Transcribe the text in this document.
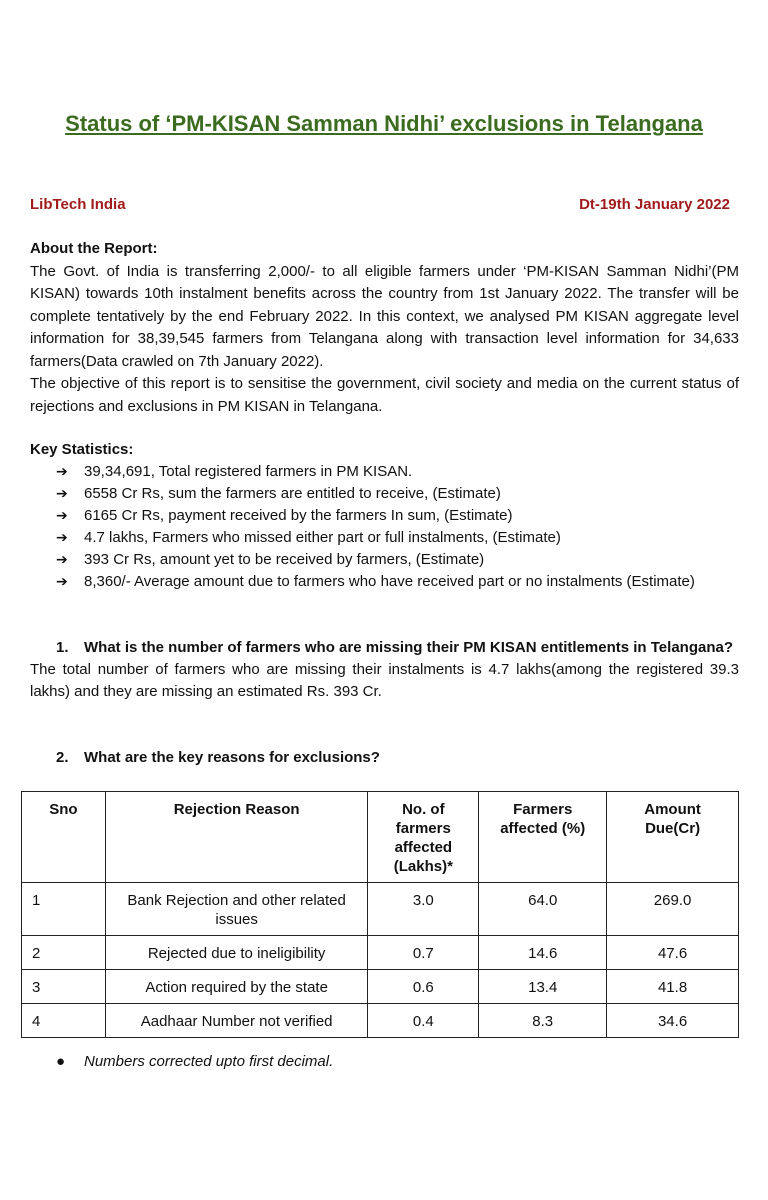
Status of ‘PM-KISAN Samman Nidhi’ exclusions in Telangana
LibTech India	Dt-19th January 2022
About the Report:

The Govt. of India is transferring 2,000/- to all eligible farmers under ‘PM-KISAN Samman Nidhi’(PM KISAN) towards 10th instalment benefits across the country from 1st January 2022. The transfer will be complete tentatively by the end February 2022. In this context, we analysed PM KISAN aggregate level information for 38,39,545 farmers from Telangana along with transaction level information for 34,633 farmers(Data crawled on 7th January 2022).

The objective of this report is to sensitise the government, civil society and media on the current status of rejections and exclusions in PM KISAN in Telangana.

Key Statistics:
➔ 39,34,691, Total registered farmers in PM KISAN.
➔ 6558 Cr Rs, sum the farmers are entitled to receive, (Estimate)
➔ 6165 Cr Rs, payment received by the farmers In sum, (Estimate)
➔ 4.7 lakhs, Farmers who missed either part or full instalments, (Estimate)
➔ 393 Cr Rs, amount yet to be received by farmers, (Estimate)
➔ 8,360/- Average amount due to farmers who have received part or no instalments (Estimate)
1. What is the number of farmers who are missing their PM KISAN entitlements in Telangana?

The total number of farmers who are missing their instalments is 4.7 lakhs(among the registered 39.3 lakhs) and they are missing an estimated Rs. 393 Cr.

2. What are the key reasons for exclusions?
Sno	Rejection Reason	No. of farmers affected (Lakhs)*	Farmers affected (%)	Amount Due(Cr)
1	Bank Rejection and other related issues	3.0	64.0	269.0
2	Rejected due to ineligibility	0.7	14.6	47.6
3	Action required by the state	0.6	13.4	41.8
4	Aadhaar Number not verified	0.4	8.3	34.6
● Numbers corrected upto first decimal.
